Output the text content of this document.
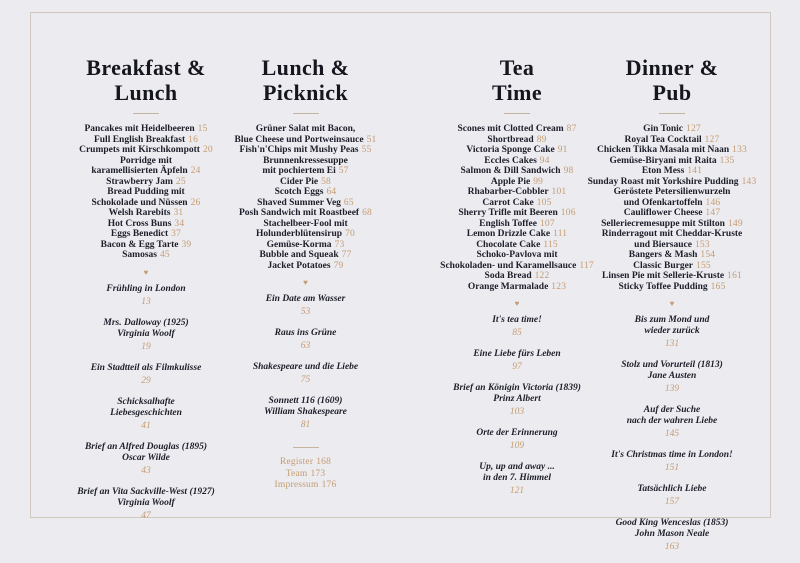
Breakfast &
Lunch
Pancakes mit Heidelbeeren 15
Full English Breakfast 16
Crumpets mit Kirschkompott 20
Porridge mit
karamellisierten Äpfeln 24
Strawberry Jam 25
Bread Pudding mit
Schokolade und Nüssen 26
Welsh Rarebits 31
Hot Cross Buns 34
Eggs Benedict 37
Bacon & Egg Tarte 39
Samosas 45
♥
Frühling in London
13
Mrs. Dalloway (1925)
Virginia Woolf
19
Ein Stadtteil als Filmkulisse
29
Schicksalhafte
Liebesgeschichten
41
Brief an Alfred Douglas (1895)
Oscar Wilde
43
Brief an Vita Sackville-West (1927)
Virginia Woolf
47
Lunch &
Picknick
Grüner Salat mit Bacon,
Blue Cheese und Portweinsauce 51
Fish'n'Chips mit Mushy Peas 55
Brunnenkressesuppe
mit pochiertem Ei 57
Cider Pie 58
Scotch Eggs 64
Shaved Summer Veg 65
Posh Sandwich mit Roastbeef 68
Stachelbeer-Fool mit
Holunderblütensirup 70
Gemüse-Korma 73
Bubble and Squeak 77
Jacket Potatoes 79
♥
Ein Date am Wasser
53
Raus ins Grüne
63
Shakespeare und die Liebe
75
Sonnett 116 (1609)
William Shakespeare
81
Register 168
Team 173
Impressum 176
Tea
Time
Scones mit Clotted Cream 87
Shortbread 89
Victoria Sponge Cake 91
Eccles Cakes 94
Salmon & Dill Sandwich 98
Apple Pie 99
Rhabarber-Cobbler 101
Carrot Cake 105
Sherry Trifle mit Beeren 106
English Toffee 107
Lemon Drizzle Cake 111
Chocolate Cake 115
Schoko-Pavlova mit
Schokoladen- und Karamellsauce 117
Soda Bread 122
Orange Marmalade 123
♥
It's tea time!
85
Eine Liebe fürs Leben
97
Brief an Königin Victoria (1839)
Prinz Albert
103
Orte der Erinnerung
109
Up, up and away ...
in den 7. Himmel
121
Dinner &
Pub
Gin Tonic 127
Royal Tea Cocktail 127
Chicken Tikka Masala mit Naan 133
Gemüse-Biryani mit Raita 135
Eton Mess 141
Sunday Roast mit Yorkshire Pudding 143
Geröstete Petersilienwurzeln
und Ofenkartoffeln 146
Cauliflower Cheese 147
Selleriecremesuppe mit Stilton 149
Rinderragout mit Cheddar-Kruste
und Biersauce 153
Bangers & Mash 154
Classic Burger 155
Linsen Pie mit Sellerie-Kruste 161
Sticky Toffee Pudding 165
♥
Bis zum Mond und
wieder zurück
131
Stolz und Vorurteil (1813)
Jane Austen
139
Auf der Suche
nach der wahren Liebe
145
It's Christmas time in London!
151
Tatsächlich Liebe
157
Good King Wenceslas (1853)
John Mason Neale
163
